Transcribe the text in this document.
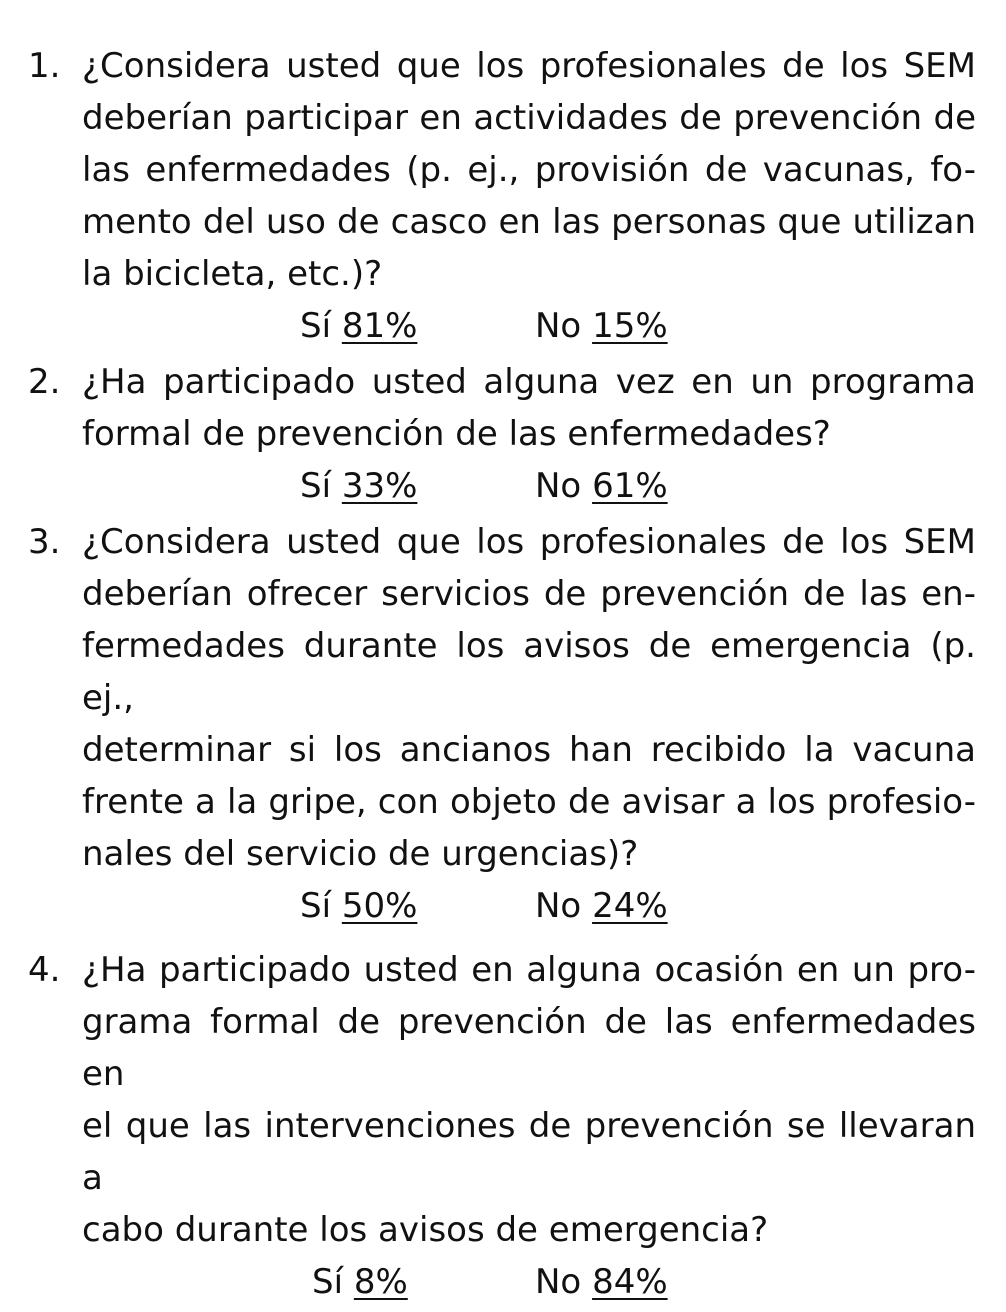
1. ¿Considera usted que los profesionales de los SEM
deberían participar en actividades de prevención de
las enfermedades (p. ej., provisión de vacunas, fo-
mento del uso de casco en las personas que utilizan
la bicicleta, etc.)?
Sí 81%	No 15%
2. ¿Ha participado usted alguna vez en un programa
formal de prevención de las enfermedades?
Sí 33%	No 61%
3. ¿Considera usted que los profesionales de los SEM
deberían ofrecer servicios de prevención de las en-
fermedades durante los avisos de emergencia (p. ej.,
determinar si los ancianos han recibido la vacuna
frente a la gripe, con objeto de avisar a los profesio-
nales del servicio de urgencias)?
Sí 50%	No 24%
4. ¿Ha participado usted en alguna ocasión en un pro-
grama formal de prevención de las enfermedades en
el que las intervenciones de prevención se llevaran a
cabo durante los avisos de emergencia?
Sí 8%	No 84%
